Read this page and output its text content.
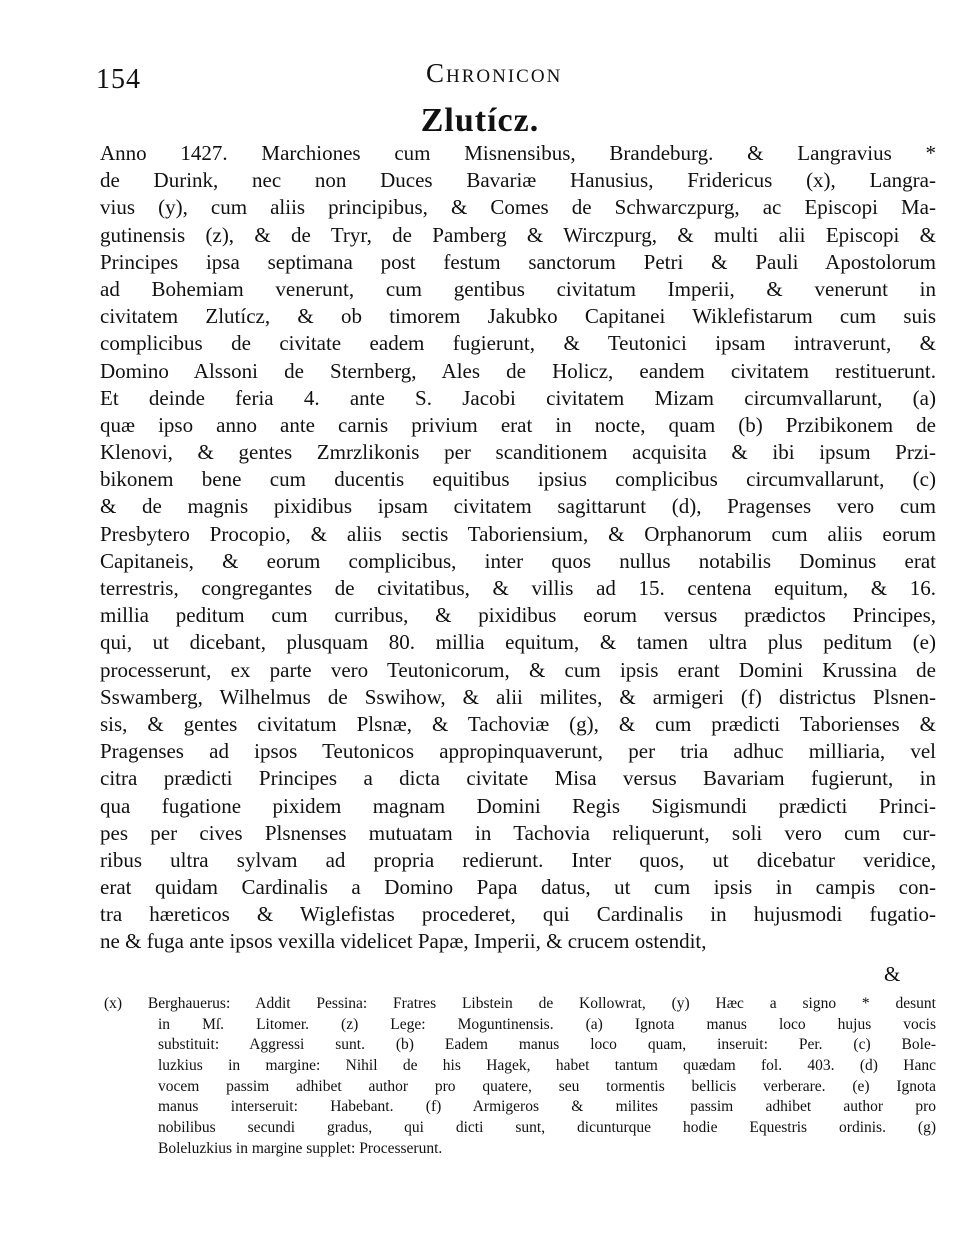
154	Chronicon
Zlutícz.
Anno 1427. Marchiones cum Misnensibus, Brandeburg. & Langravius *
de Durink, nec non Duces Bavariæ Hanusius, Fridericus (x), Langra-
vius (y), cum aliis principibus, & Comes de Schwarczpurg, ac Episcopi Ma-
gutinensis (z), & de Tryr, de Pamberg & Wirczpurg, & multi alii Episcopi &
Principes ipsa septimana post festum sanctorum Petri & Pauli Apostolorum
ad Bohemiam venerunt, cum gentibus civitatum Imperii, & venerunt in
civitatem Zlutícz, & ob timorem Jakubko Capitanei Wiklefistarum cum suis
complicibus de civitate eadem fugierunt, & Teutonici ipsam intraverunt, &
Domino Alssoni de Sternberg, Ales de Holicz, eandem civitatem restituerunt.
Et deinde feria 4. ante S. Jacobi civitatem Mizam circumvallarunt, (a)
quæ ipso anno ante carnis privium erat in nocte, quam (b) Przibikonem de
Klenovi, & gentes Zmrzlikonis per scanditionem acquisita & ibi ipsum Przi-
bikonem bene cum ducentis equitibus ipsius complicibus circumvallarunt, (c)
& de magnis pixidibus ipsam civitatem sagittarunt (d), Pragenses vero cum
Presbytero Procopio, & aliis sectis Taboriensium, & Orphanorum cum aliis eorum
Capitaneis, & eorum complicibus, inter quos nullus notabilis Dominus erat
terrestris, congregantes de civitatibus, & villis ad 15. centena equitum, & 16.
millia peditum cum curribus, & pixidibus eorum versus prædictos Principes,
qui, ut dicebant, plusquam 80. millia equitum, & tamen ultra plus peditum (e)
processerunt, ex parte vero Teutonicorum, & cum ipsis erant Domini Krussina de
Sswamberg, Wilhelmus de Sswihow, & alii milites, & armigeri (f) districtus Plsnen-
sis, & gentes civitatum Plsnæ, & Tachoviæ (g), & cum prædicti Taborienses &
Pragenses ad ipsos Teutonicos appropinquaverunt, per tria adhuc milliaria, vel
citra prædicti Principes a dicta civitate Misa versus Bavariam fugierunt, in
qua fugatione pixidem magnam Domini Regis Sigismundi prædicti Princi-
pes per cives Plsnenses mutuatam in Tachovia reliquerunt, soli vero cum cur-
ribus ultra sylvam ad propria redierunt. Inter quos, ut dicebatur veridice,
erat quidam Cardinalis a Domino Papa datus, ut cum ipsis in campis con-
tra hæreticos & Wiglefistas procederet, qui Cardinalis in hujusmodi fugatio-
ne & fuga ante ipsos vexilla videlicet Papæ, Imperii, & crucem ostendit,
&
(x) Berghauerus: Addit Pessina: Fratres Libstein de Kollowrat, (y) Hæc a signo * desunt
in Mſ. Litomer. (z) Lege: Moguntinensis. (a) Ignota manus loco hujus vocis
substituit: Aggressi sunt. (b) Eadem manus loco quam, inseruit: Per. (c) Bole-
luzkius in margine: Nihil de his Hagek, habet tantum quædam fol. 403. (d) Hanc
vocem passim adhibet author pro quatere, seu tormentis bellicis verberare. (e) Ignota
manus interseruit: Habebant. (f) Armigeros & milites passim adhibet author pro
nobilibus secundi gradus, qui dicti sunt, dicunturque hodie Equestris ordinis. (g)
Boleluzkius in margine supplet: Processerunt.
